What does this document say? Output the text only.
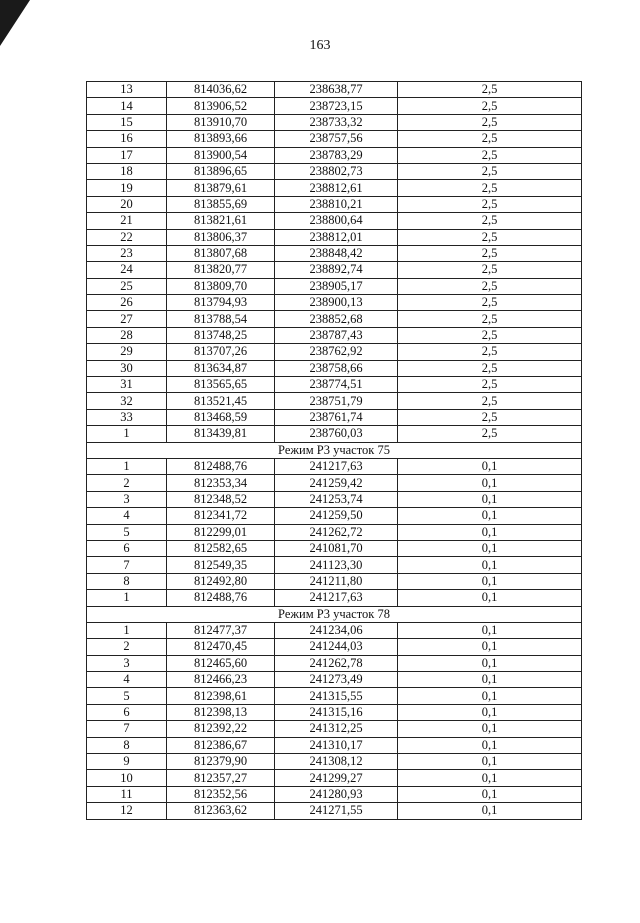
163
13	814036,62	238638,77	2,5
14	813906,52	238723,15	2,5
15	813910,70	238733,32	2,5
16	813893,66	238757,56	2,5
17	813900,54	238783,29	2,5
18	813896,65	238802,73	2,5
19	813879,61	238812,61	2,5
20	813855,69	238810,21	2,5
21	813821,61	238800,64	2,5
22	813806,37	238812,01	2,5
23	813807,68	238848,42	2,5
24	813820,77	238892,74	2,5
25	813809,70	238905,17	2,5
26	813794,93	238900,13	2,5
27	813788,54	238852,68	2,5
28	813748,25	238787,43	2,5
29	813707,26	238762,92	2,5
30	813634,87	238758,66	2,5
31	813565,65	238774,51	2,5
32	813521,45	238751,79	2,5
33	813468,59	238761,74	2,5
1	813439,81	238760,03	2,5
Режим Р3 участок 75			
1	812488,76	241217,63	0,1
2	812353,34	241259,42	0,1
3	812348,52	241253,74	0,1
4	812341,72	241259,50	0,1
5	812299,01	241262,72	0,1
6	812582,65	241081,70	0,1
7	812549,35	241123,30	0,1
8	812492,80	241211,80	0,1
1	812488,76	241217,63	0,1
Режим Р3 участок 78			
1	812477,37	241234,06	0,1
2	812470,45	241244,03	0,1
3	812465,60	241262,78	0,1
4	812466,23	241273,49	0,1
5	812398,61	241315,55	0,1
6	812398,13	241315,16	0,1
7	812392,22	241312,25	0,1
8	812386,67	241310,17	0,1
9	812379,90	241308,12	0,1
10	812357,27	241299,27	0,1
11	812352,56	241280,93	0,1
12	812363,62	241271,55	0,1
